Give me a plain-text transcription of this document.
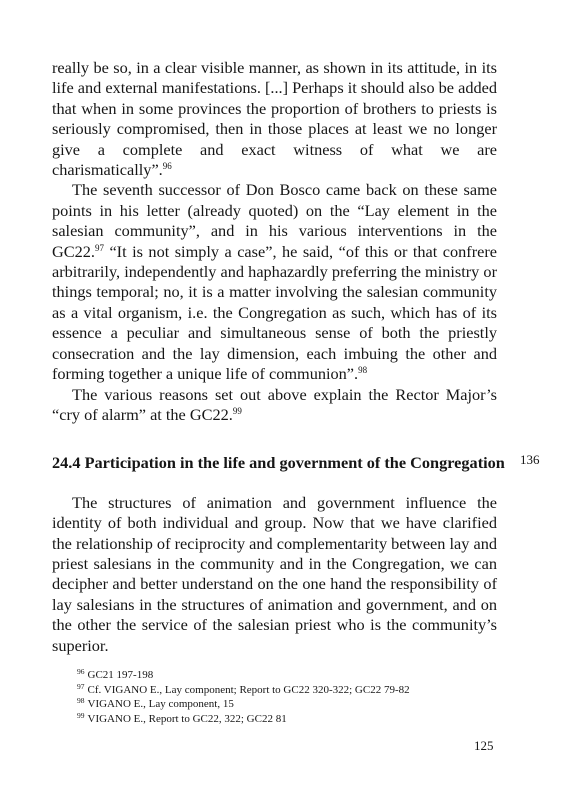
really be so, in a clear visible manner, as shown in its attitude, in its life and external manifestations. [...] Perhaps it should also be added that when in some provinces the proportion of brothers to priests is seriously compromised, then in those places at least we no longer give a complete and exact witness of what we are charismatically”.$^{96}$

The seventh successor of Don Bosco came back on these same points in his letter (already quoted) on the “Lay element in the salesian community”, and in his various interventions in the GC22.97 “It is not simply a case”, he said, “of this or that confrere arbitrarily, independently and haphazardly preferring the ministry or things temporal; no, it is a matter involving the salesian community as a vital organism, i.e. the Congregation as such, which has of its essence a peculiar and simultaneous sense of both the priestly consecration and the lay dimension, each imbuing the other and forming together a unique life of communion”.$^{98}$

The various reasons set out above explain the Rector Major’s “cry of alarm” at the GC22.99

24.4 Participation in the life and government of the Congregation

The structures of animation and government influence the identity of both individual and group. Now that we have clarified the relationship of reciprocity and complementarity between lay and priest salesians in the community and in the Congregation, we can decipher and better understand on the one hand the responsibility of lay salesians in the structures of animation and government, and on the other the service of the salesian priest who is the community’s superior.

136
$^{96}$ GC21 197-198
$^{97}$ Cf. VIGANO E., Lay component; Report to GC22 320-322; GC22 79-82
$^{98}$ VIGANO E., Lay component, 15
$^{99}$ VIGANO E., Report to GC22, 322; GC22 81
125
